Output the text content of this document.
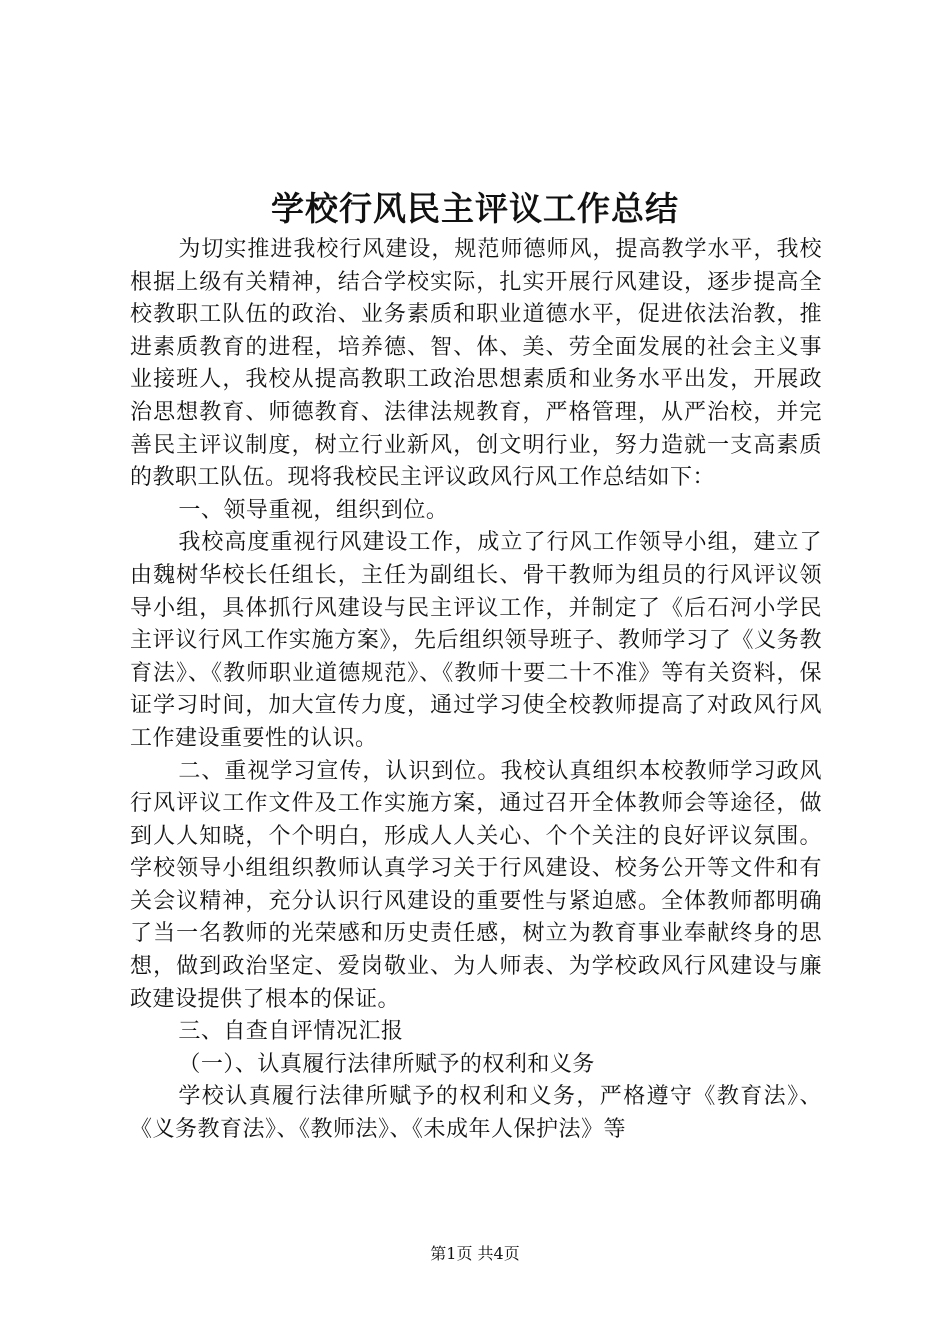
学校行风民主评议工作总结

为切实推进我校行风建设，规范师德师风，提高教学水平，我校根据上级有关精神，结合学校实际，扎实开展行风建设，逐步提高全校教职工队伍的政治、业务素质和职业道德水平，促进依法治教，推进素质教育的进程，培养德、智、体、美、劳全面发展的社会主义事业接班人，我校从提高教职工政治思想素质和业务水平出发，开展政治思想教育、师德教育、法律法规教育，严格管理，从严治校，并完善民主评议制度，树立行业新风，创文明行业，努力造就一支高素质的教职工队伍。现将我校民主评议政风行风工作总结如下：

一、领导重视，组织到位。

我校高度重视行风建设工作，成立了行风工作领导小组，建立了由魏树华校长任组长，主任为副组长、骨干教师为组员的行风评议领导小组，具体抓行风建设与民主评议工作，并制定了《后石河小学民主评议行风工作实施方案》，先后组织领导班子、教师学习了《义务教育法》、《教师职业道德规范》、《教师十要二十不准》等有关资料，保证学习时间，加大宣传力度，通过学习使全校教师提高了对政风行风工作建设重要性的认识。

二、重视学习宣传，认识到位。我校认真组织本校教师学习政风行风评议工作文件及工作实施方案，通过召开全体教师会等途径，做到人人知晓，个个明白，形成人人关心、个个关注的良好评议氛围。学校领导小组组织教师认真学习关于行风建设、校务公开等文件和有关会议精神，充分认识行风建设的重要性与紧迫感。全体教师都明确了当一名教师的光荣感和历史责任感，树立为教育事业奉献终身的思想，做到政治坚定、爱岗敬业、为人师表、为学校政风行风建设与廉政建设提供了根本的保证。

三、自查自评情况汇报

（一）、认真履行法律所赋予的权利和义务

学校认真履行法律所赋予的权利和义务，严格遵守《教育法》、《义务教育法》、《教师法》、《未成年人保护法》等

第1页 共4页
